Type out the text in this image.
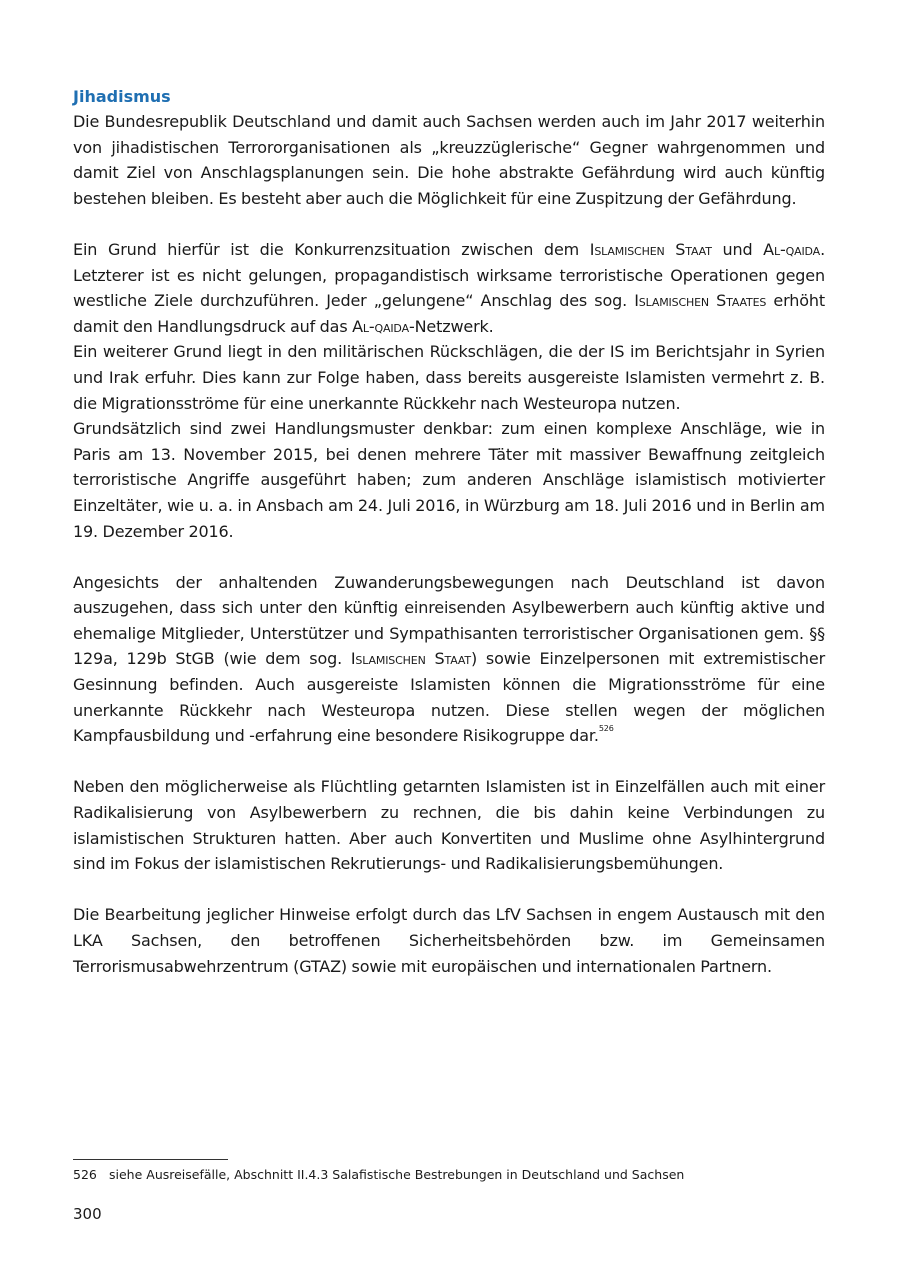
Jihadismus

Die Bundesrepublik Deutschland und damit auch Sachsen werden auch im Jahr 2017 weiterhin von jihadistischen Terrororganisationen als „kreuzzüglerische“ Gegner wahrgenommen und damit Ziel von Anschlagsplanungen sein. Die hohe abstrakte Gefährdung wird auch künftig bestehen bleiben. Es besteht aber auch die Möglichkeit für eine Zuspitzung der Gefährdung.

Ein Grund hierfür ist die Konkurrenzsituation zwischen dem Islamischen Staat und Al-qaida. Letzterer ist es nicht gelungen, propagandistisch wirksame terroristische Operationen gegen westliche Ziele durchzuführen. Jeder „gelungene“ Anschlag des sog. Islamischen Staates erhöht damit den Handlungsdruck auf das Al-qaida-Netzwerk.

Ein weiterer Grund liegt in den militärischen Rückschlägen, die der IS im Berichtsjahr in Syrien und Irak erfuhr. Dies kann zur Folge haben, dass bereits ausgereiste Islamisten vermehrt z. B. die Migrationsströme für eine unerkannte Rückkehr nach Westeuropa nutzen.

Grundsätzlich sind zwei Handlungsmuster denkbar: zum einen komplexe Anschläge, wie in Paris am 13. November 2015, bei denen mehrere Täter mit massiver Bewaffnung zeitgleich terroristische Angriffe ausgeführt haben; zum anderen Anschläge islamistisch motivierter Einzeltäter, wie u. a. in Ansbach am 24. Juli 2016, in Würzburg am 18. Juli 2016 und in Berlin am 19. Dezember 2016.

Angesichts der anhaltenden Zuwanderungsbewegungen nach Deutschland ist davon auszugehen, dass sich unter den künftig einreisenden Asylbewerbern auch künftig aktive und ehemalige Mitglieder, Unterstützer und Sympathisanten terroristischer Organisationen gem. §§ 129a, 129b StGB (wie dem sog. Islamischen Staat) sowie Einzelpersonen mit extremistischer Gesinnung befinden. Auch ausgereiste Islamisten können die Migrationsströme für eine unerkannte Rückkehr nach Westeuropa nutzen. Diese stellen wegen der möglichen Kampfausbildung und -erfahrung eine besondere Risikogruppe dar.$^{526}$

Neben den möglicherweise als Flüchtling getarnten Islamisten ist in Einzelfällen auch mit einer Radikalisierung von Asylbewerbern zu rechnen, die bis dahin keine Verbindungen zu islamistischen Strukturen hatten. Aber auch Konvertiten und Muslime ohne Asylhintergrund sind im Fokus der islamistischen Rekrutierungs- und Radikalisierungsbemühungen.

Die Bearbeitung jeglicher Hinweise erfolgt durch das LfV Sachsen in engem Austausch mit den LKA Sachsen, den betroffenen Sicherheitsbehörden bzw. im Gemeinsamen Terrorismusabwehrzentrum (GTAZ) sowie mit europäischen und internationalen Partnern.

526 siehe Ausreisefälle, Abschnitt II.4.3 Salafistische Bestrebungen in Deutschland und Sachsen
300
